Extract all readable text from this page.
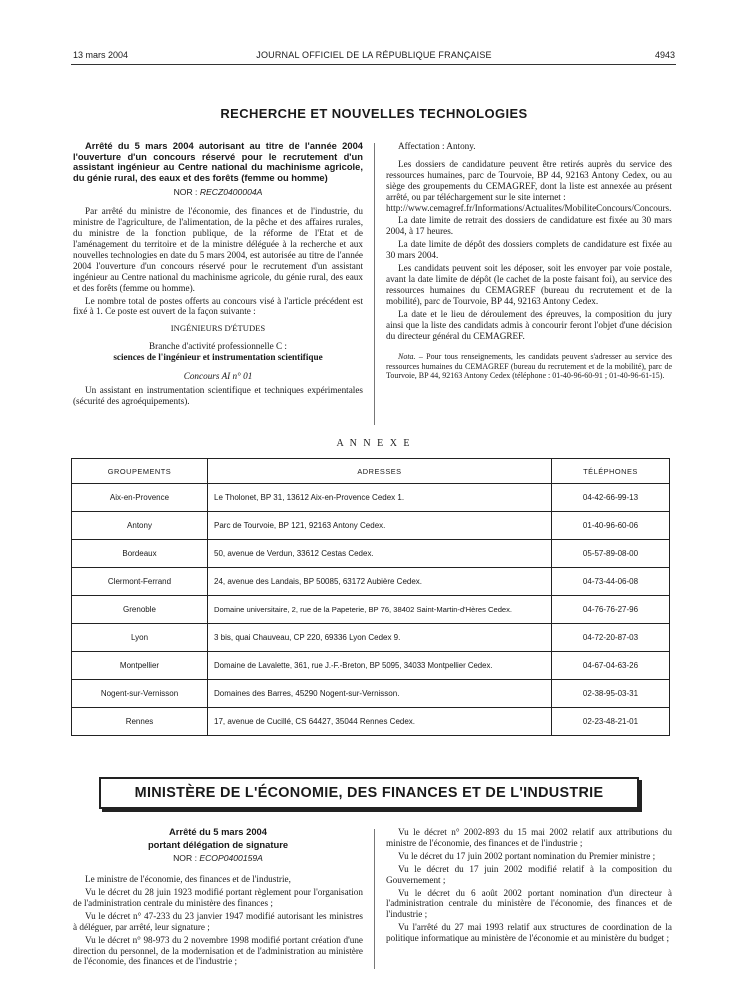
13 mars 2004	JOURNAL OFFICIEL DE LA RÉPUBLIQUE FRANÇAISE	4943
RECHERCHE ET NOUVELLES TECHNOLOGIES

Arrêté du 5 mars 2004 autorisant au titre de l'année 2004 l'ouverture d'un concours réservé pour le recrutement d'un assistant ingénieur au Centre national du machinisme agricole, du génie rural, des eaux et des forêts (femme ou homme)

NOR : RECZ0400004A

Par arrêté du ministre de l'économie, des finances et de l'industrie, du ministre de l'agriculture, de l'alimentation, de la pêche et des affaires rurales, du ministre de la fonction publique, de la réforme de l'Etat et de l'aménagement du territoire et de la ministre déléguée à la recherche et aux nouvelles technologies en date du 5 mars 2004, est autorisée au titre de l'année 2004 l'ouverture d'un concours réservé pour le recrutement d'un assistant ingénieur au Centre national du machinisme agricole, du génie rural, des eaux et des forêts (femme ou homme).

Le nombre total de postes offerts au concours visé à l'article précédent est fixé à 1. Ce poste est ouvert de la façon suivante :

INGÉNIEURS D'ÉTUDES

Branche d'activité professionnelle C :

sciences de l'ingénieur et instrumentation scientifique

Concours AI n° 01

Un assistant en instrumentation scientifique et techniques expérimentales (sécurité des agroéquipements).

Affectation : Antony.

Les dossiers de candidature peuvent être retirés auprès du service des ressources humaines, parc de Tourvoie, BP 44, 92163 Antony Cedex, ou au siège des groupements du CEMAGREF, dont la liste est annexée au présent arrêté, ou par téléchargement sur le site internet :

http://www.cemagref.fr/Informations/Actualites/MobiliteConcours/Concours.

La date limite de retrait des dossiers de candidature est fixée au 30 mars 2004, à 17 heures.

La date limite de dépôt des dossiers complets de candidature est fixée au 30 mars 2004.

Les candidats peuvent soit les déposer, soit les envoyer par voie postale, avant la date limite de dépôt (le cachet de la poste faisant foi), au service des ressources humaines du CEMAGREF (bureau du recrutement et de la mobilité), parc de Tourvoie, BP 44, 92163 Antony Cedex.

La date et le lieu de déroulement des épreuves, la composition du jury ainsi que la liste des candidats admis à concourir feront l'objet d'une décision du directeur général du CEMAGREF.

Nota. – Pour tous renseignements, les candidats peuvent s'adresser au service des ressources humaines du CEMAGREF (bureau du recrutement et de la mobilité), parc de Tourvoie, BP 44, 92163 Antony Cedex (téléphone : 01-40-96-60-91 ; 01-40-96-61-15).

A N N E X E
GROUPEMENTS	ADRESSES	TÉLÉPHONES
Aix-en-Provence	Le Tholonet, BP 31, 13612 Aix-en-Provence Cedex 1.	04-42-66-99-13
Antony	Parc de Tourvoie, BP 121, 92163 Antony Cedex.	01-40-96-60-06
Bordeaux	50, avenue de Verdun, 33612 Cestas Cedex.	05-57-89-08-00
Clermont-Ferrand	24, avenue des Landais, BP 50085, 63172 Aubière Cedex.	04-73-44-06-08
Grenoble	Domaine universitaire, 2, rue de la Papeterie, BP 76, 38402 Saint-Martin-d'Hères Cedex.	04-76-76-27-96
Lyon	3 bis, quai Chauveau, CP 220, 69336 Lyon Cedex 9.	04-72-20-87-03
Montpellier	Domaine de Lavalette, 361, rue J.-F.-Breton, BP 5095, 34033 Montpellier Cedex.	04-67-04-63-26
Nogent-sur-Vernisson	Domaines des Barres, 45290 Nogent-sur-Vernisson.	02-38-95-03-31
Rennes	17, avenue de Cucillé, CS 64427, 35044 Rennes Cedex.	02-23-48-21-01
MINISTÈRE DE L'ÉCONOMIE, DES FINANCES ET DE L'INDUSTRIE

Arrêté du 5 mars 2004

portant délégation de signature

NOR : ECOP0400159A

Le ministre de l'économie, des finances et de l'industrie,

Vu le décret du 28 juin 1923 modifié portant règlement pour l'organisation de l'administration centrale du ministère des finances ;

Vu le décret n° 47-233 du 23 janvier 1947 modifié autorisant les ministres à déléguer, par arrêté, leur signature ;

Vu le décret n° 98-973 du 2 novembre 1998 modifié portant création d'une direction du personnel, de la modernisation et de l'administration au ministère de l'économie, des finances et de l'industrie ;

Vu le décret n° 2002-893 du 15 mai 2002 relatif aux attributions du ministre de l'économie, des finances et de l'industrie ;

Vu le décret du 17 juin 2002 portant nomination du Premier ministre ;

Vu le décret du 17 juin 2002 modifié relatif à la composition du Gouvernement ;

Vu le décret du 6 août 2002 portant nomination d'un directeur à l'administration centrale du ministère de l'économie, des finances et de l'industrie ;

Vu l'arrêté du 27 mai 1993 relatif aux structures de coordination de la politique informatique au ministère de l'économie et au ministère du budget ;
